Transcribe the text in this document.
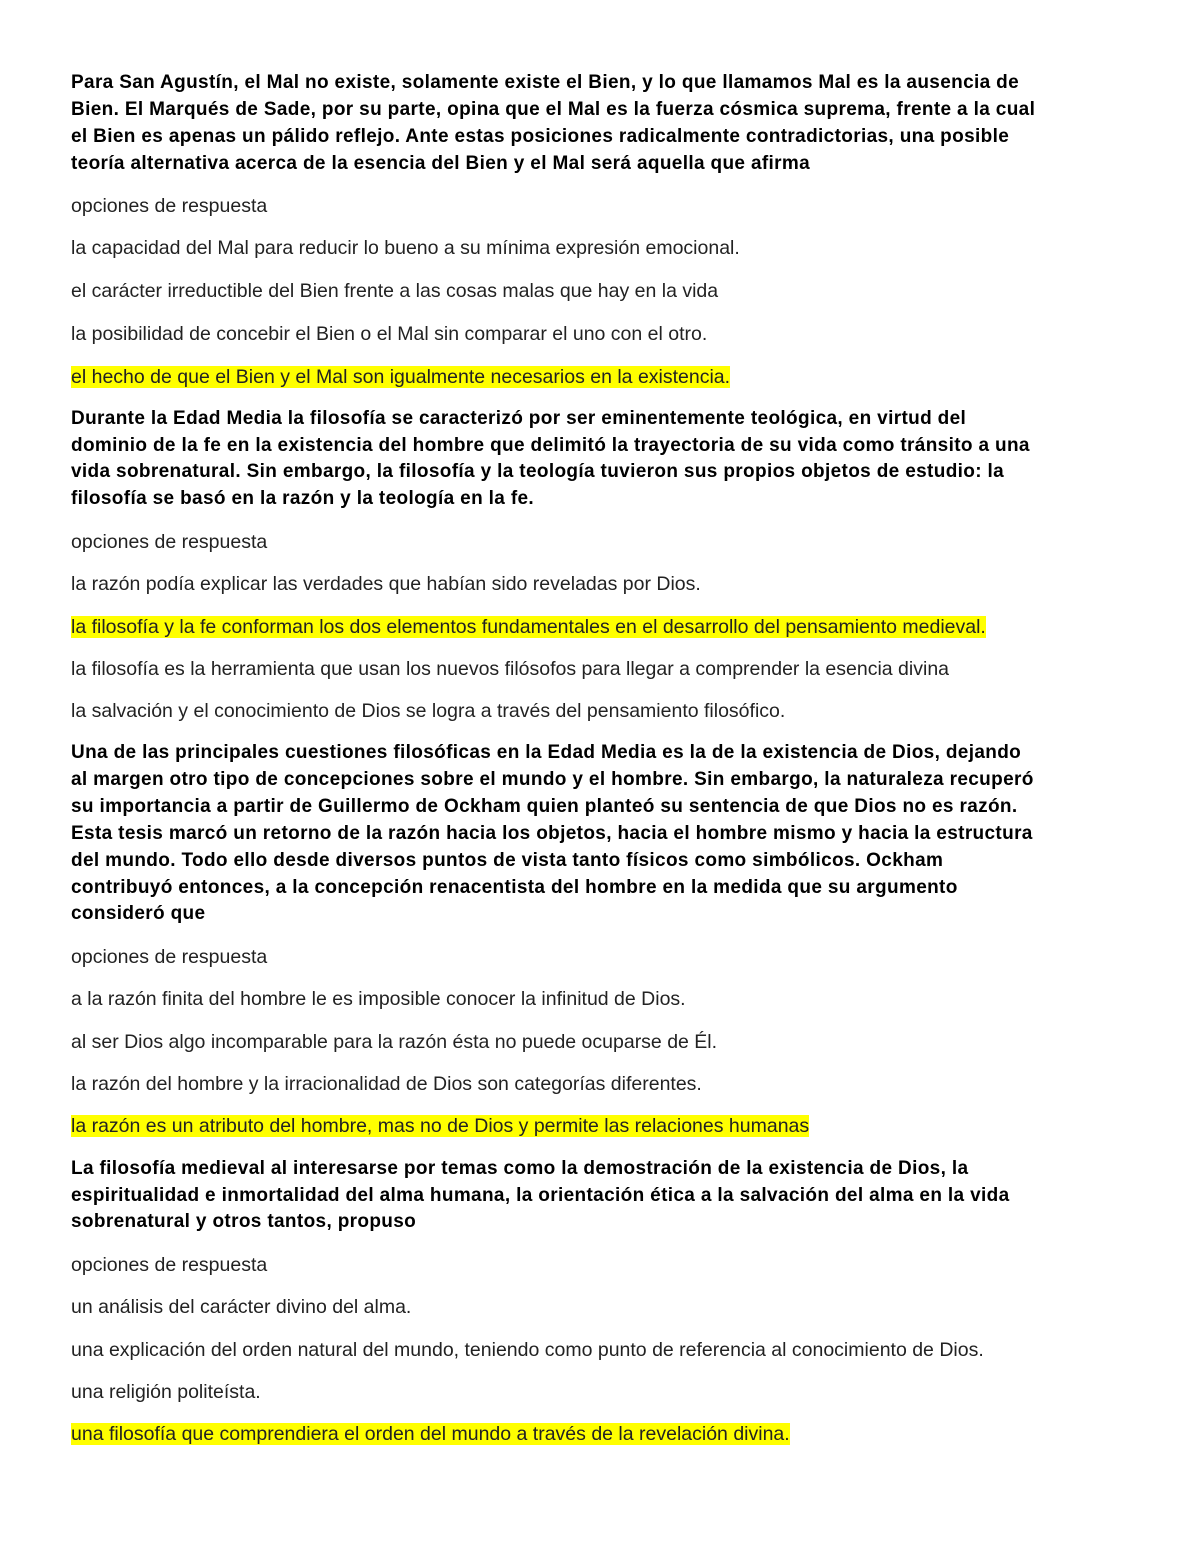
Para San Agustín, el Mal no existe, solamente existe el Bien, y lo que llamamos Mal es la ausencia de
Bien. El Marqués de Sade, por su parte, opina que el Mal es la fuerza cósmica suprema, frente a la cual
el Bien es apenas un pálido reflejo. Ante estas posiciones radicalmente contradictorias, una posible
teoría alternativa acerca de la esencia del Bien y el Mal será aquella que afirma
opciones de respuesta
la capacidad del Mal para reducir lo bueno a su mínima expresión emocional.
el carácter irreductible del Bien frente a las cosas malas que hay en la vida
la posibilidad de concebir el Bien o el Mal sin comparar el uno con el otro.
el hecho de que el Bien y el Mal son igualmente necesarios en la existencia.
Durante la Edad Media la filosofía se caracterizó por ser eminentemente teológica, en virtud del
dominio de la fe en la existencia del hombre que delimitó la trayectoria de su vida como tránsito a una
vida sobrenatural. Sin embargo, la filosofía y la teología tuvieron sus propios objetos de estudio: la
filosofía se basó en la razón y la teología en la fe.
opciones de respuesta
la razón podía explicar las verdades que habían sido reveladas por Dios.
la filosofía y la fe conforman los dos elementos fundamentales en el desarrollo del pensamiento medieval.
la filosofía es la herramienta que usan los nuevos filósofos para llegar a comprender la esencia divina
la salvación y el conocimiento de Dios se logra a través del pensamiento filosófico.
Una de las principales cuestiones filosóficas en la Edad Media es la de la existencia de Dios, dejando
al margen otro tipo de concepciones sobre el mundo y el hombre. Sin embargo, la naturaleza recuperó
su importancia a partir de Guillermo de Ockham quien planteó su sentencia de que Dios no es razón.
Esta tesis marcó un retorno de la razón hacia los objetos, hacia el hombre mismo y hacia la estructura
del mundo. Todo ello desde diversos puntos de vista tanto físicos como simbólicos. Ockham
contribuyó entonces, a la concepción renacentista del hombre en la medida que su argumento
consideró que
opciones de respuesta
a la razón finita del hombre le es imposible conocer la infinitud de Dios.
al ser Dios algo incomparable para la razón ésta no puede ocuparse de Él.
la razón del hombre y la irracionalidad de Dios son categorías diferentes.
la razón es un atributo del hombre, mas no de Dios y permite las relaciones humanas
La filosofía medieval al interesarse por temas como la demostración de la existencia de Dios, la
espiritualidad e inmortalidad del alma humana, la orientación ética a la salvación del alma en la vida
sobrenatural y otros tantos, propuso
opciones de respuesta
un análisis del carácter divino del alma.
una explicación del orden natural del mundo, teniendo como punto de referencia al conocimiento de Dios.
una religión politeísta.
una filosofía que comprendiera el orden del mundo a través de la revelación divina.
